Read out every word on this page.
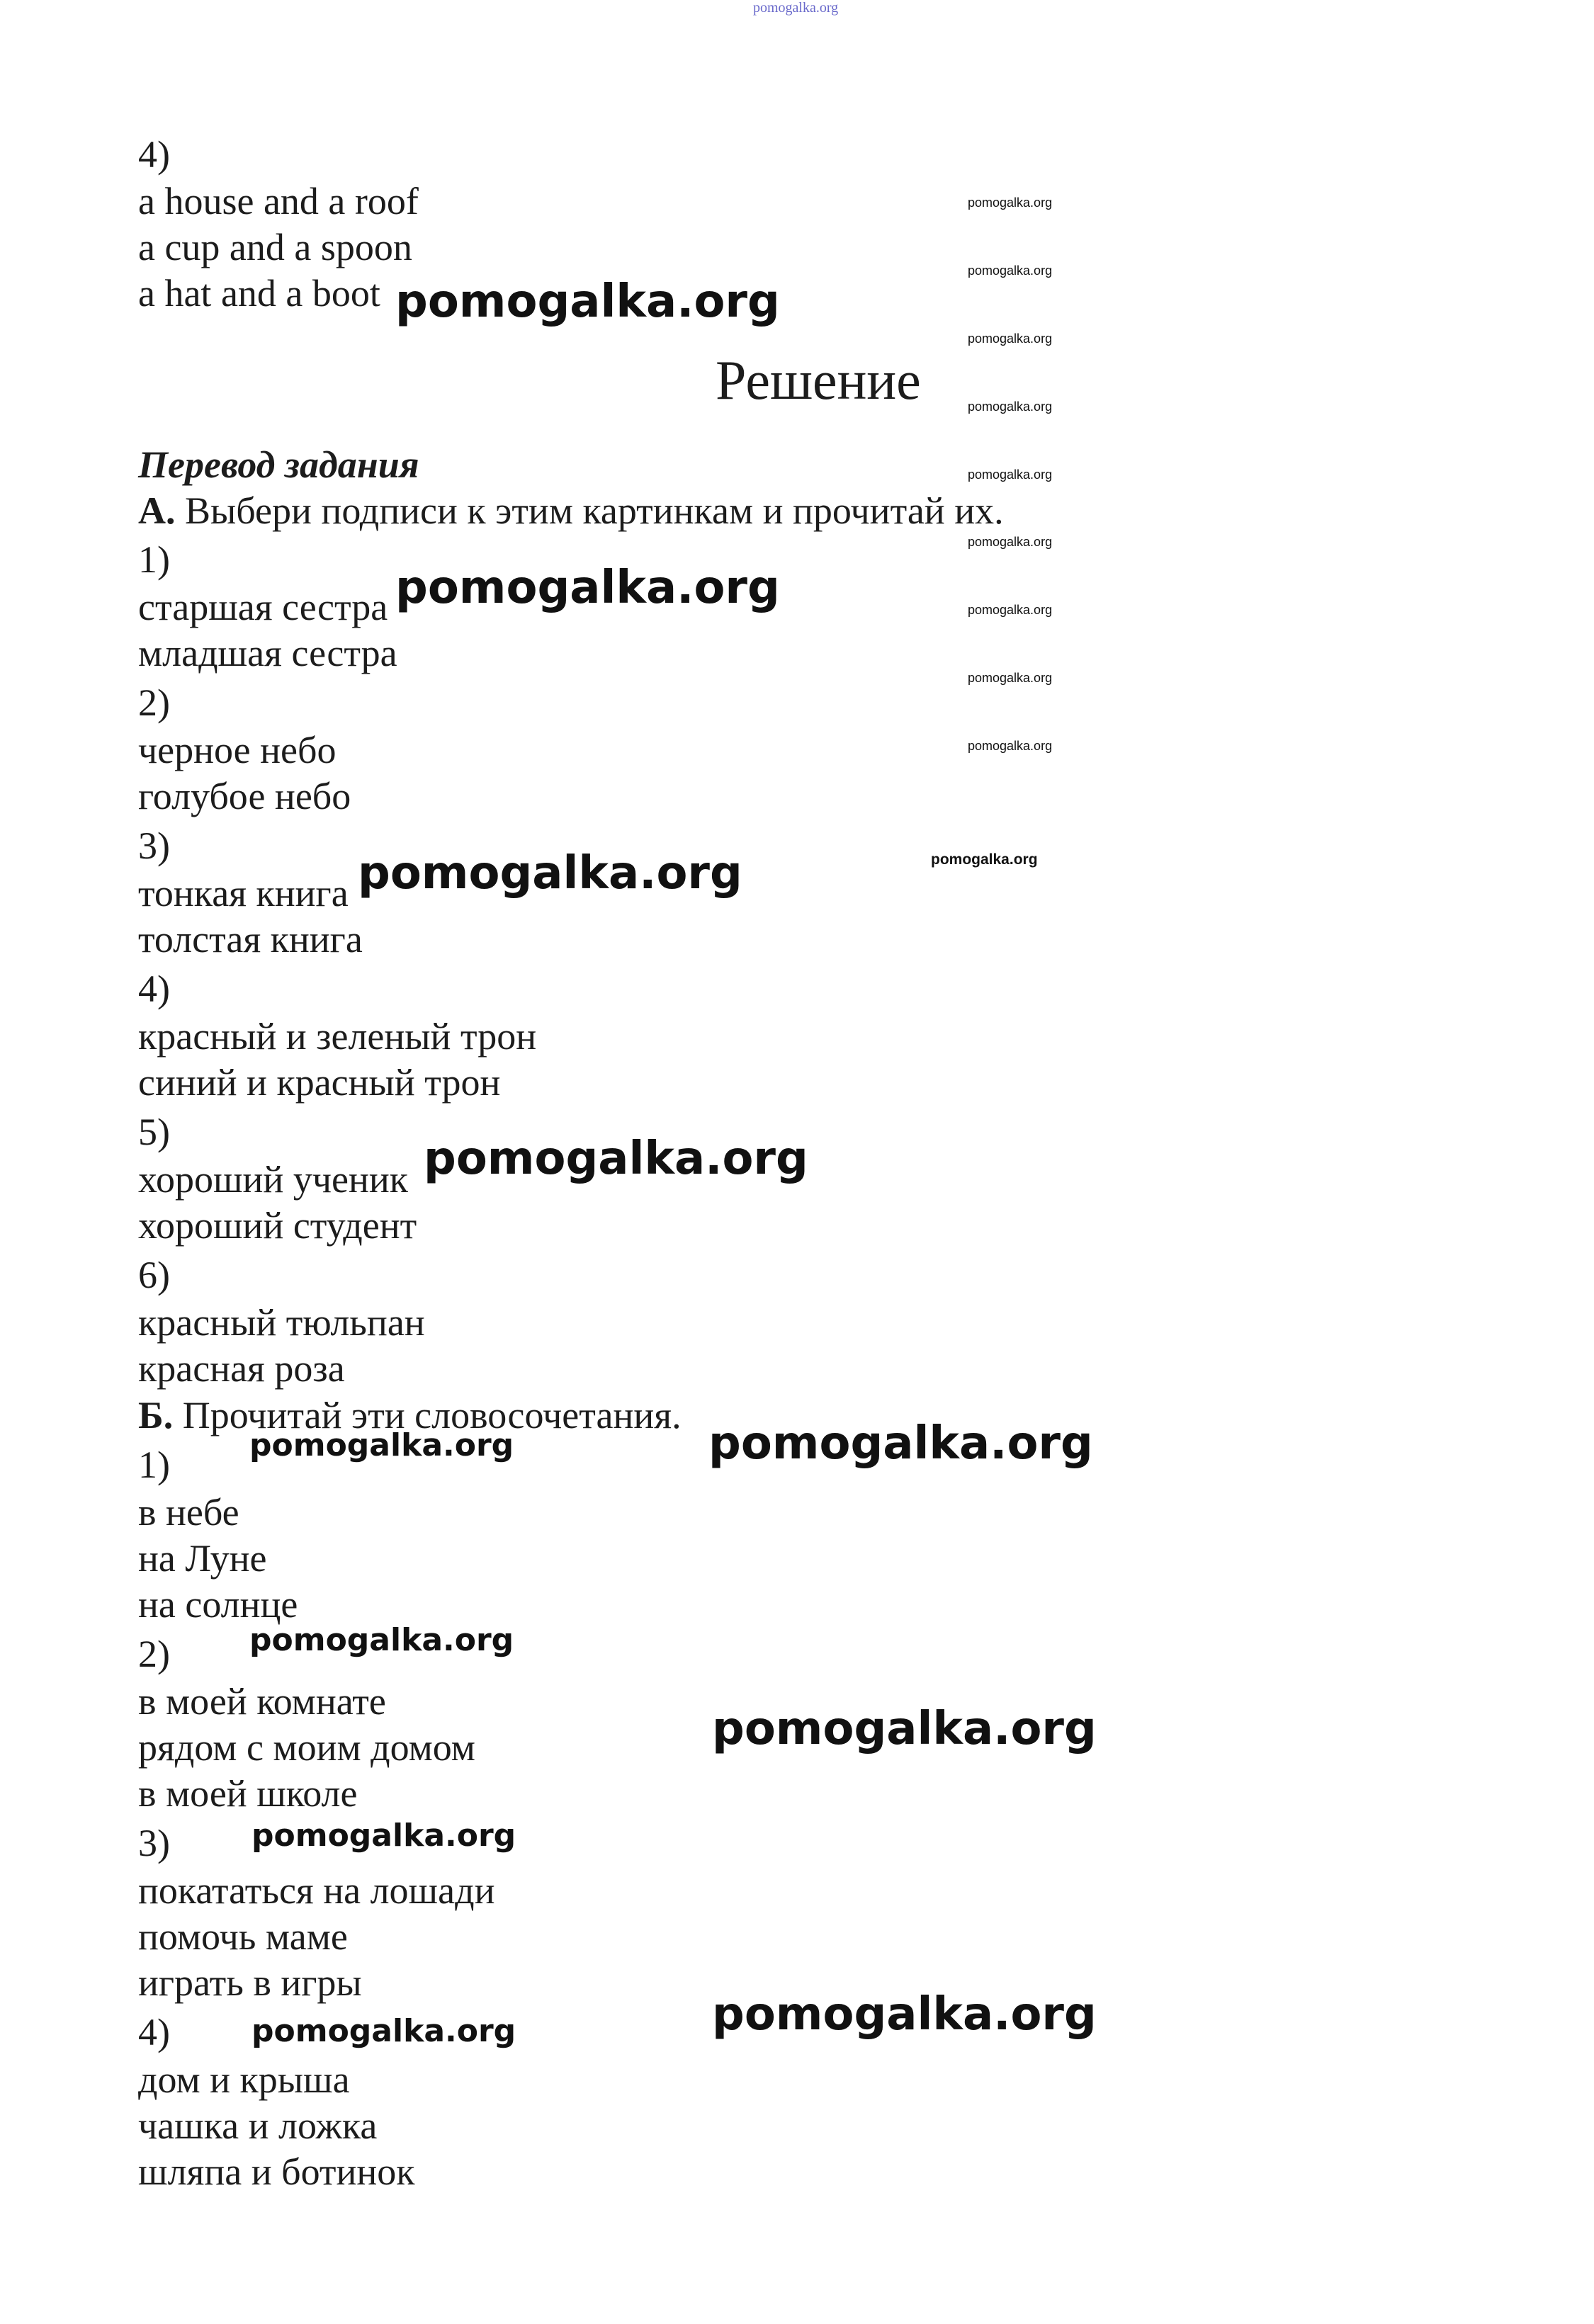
pomogalka.org

4)

a house and a roof

a cup and a spoon

a hat and a boot

Решение

Перевод задания

А. Выбери подписи к этим картинкам и прочитай их.

1)

старшая сестра

младшая сестра

2)

черное небо

голубое небо

3)

тонкая книга

толстая книга

4)

красный и зеленый трон

синий и красный трон

5)

хороший ученик

хороший студент

6)

красный тюльпан

красная роза

Б. Прочитай эти словосочетания.

1)

в небе

на Луне

на солнце

2)

в моей комнате

рядом с моим домом

в моей школе

3)

покататься на лошади

помочь маме

играть в игры

4)

дом и крыша

чашка и ложка

шляпа и ботинок

pomogalka.org
pomogalka.org
pomogalka.org
pomogalka.org
pomogalka.org
pomogalka.org
pomogalka.org
pomogalka.org
pomogalka.org
pomogalka.org
pomogalka.org
pomogalka.org
pomogalka.org
pomogalka.org
pomogalka.org
pomogalka.org
pomogalka.org
pomogalka.org
pomogalka.org
pomogalka.org
pomogalka.org
